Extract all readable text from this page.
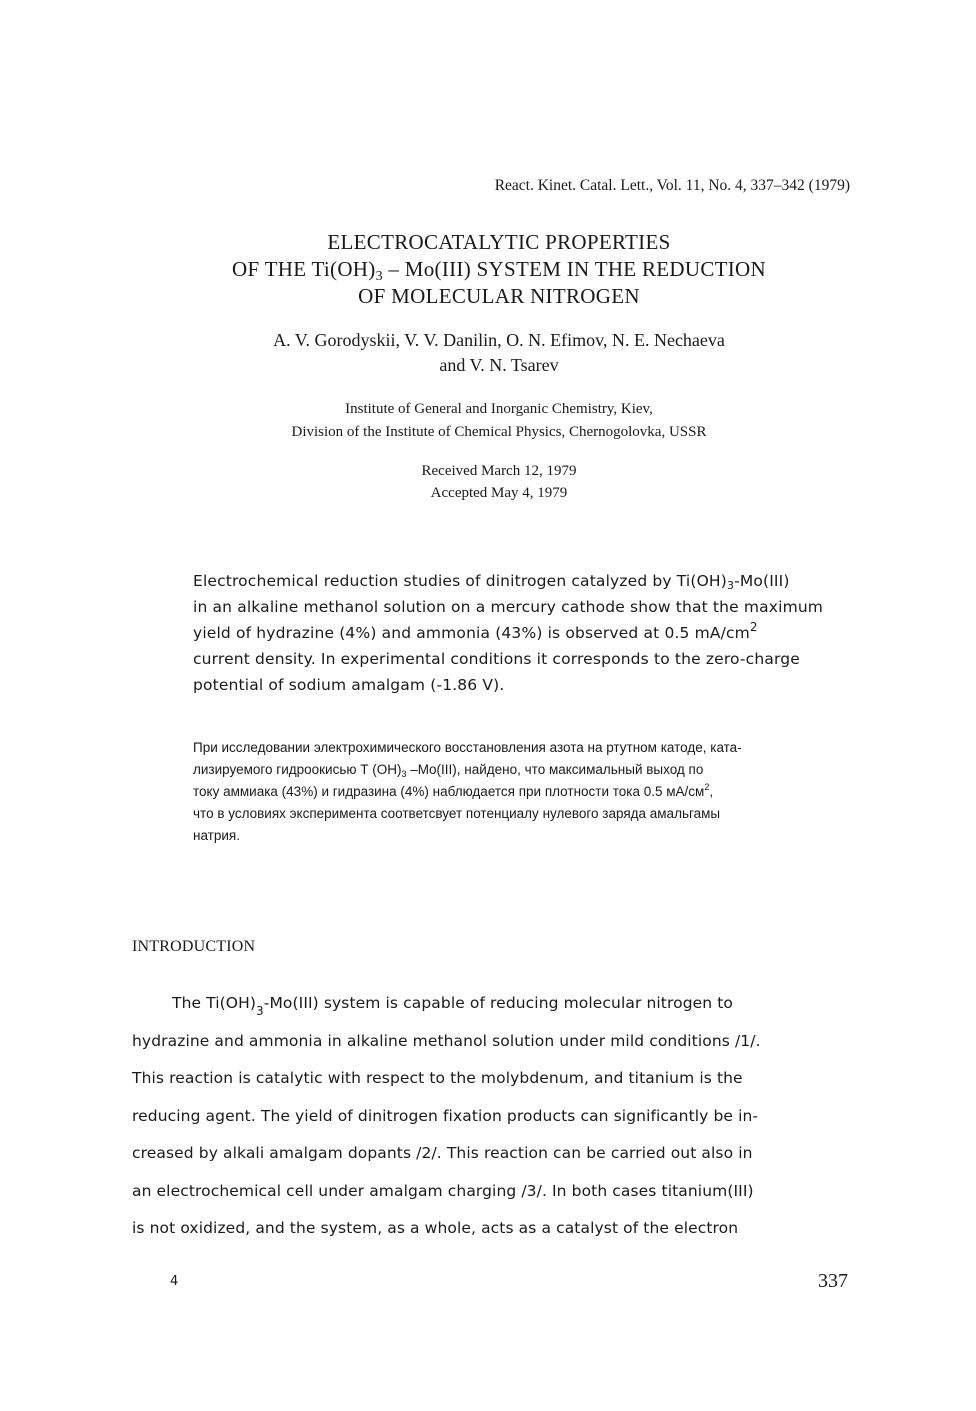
React. Kinet. Catal. Lett., Vol. 11, No. 4, 337–342 (1979)
ELECTROCATALYTIC PROPERTIES
OF THE $Ti(OH)_3 - Mo(III)$ SYSTEM IN THE REDUCTION
OF MOLECULAR NITROGEN
A. V. Gorodyskii, V. V. Danilin, O. N. Efimov, N. E. Nechaeva
and V. N. Tsarev
Institute of General and Inorganic Chemistry, Kiev,
Division of the Institute of Chemical Physics, Chernogolovka, USSR
Received March 12, 1979
Accepted May 4, 1979
Electrochemical reduction studies of dinitrogen catalyzed by $Ti(OH)_3-Mo(III)$
in an alkaline methanol solution on a mercury cathode show that the maximum
yield of hydrazine (4%) and ammonia (43%) is observed at 0.5 $mA/cm^2$
current density. In experimental conditions it corresponds to the zero-charge
potential of sodium amalgam (-1.86 V).
При исследовании электрохимического восстановления азота на ртутном катоде, ката-
лизируемого гидроокисью Т $(OH)_3$ –Mo(III), найдено, что максимальный выход по
току аммиака (43%) и гидразина (4%) наблюдается при плотности тока 0.5 $мА/см^2$,
что в условиях эксперимента соответсвует потенциалу нулевого заряда амальгамы
натрия.
INTRODUCTION
The $Ti(OH)_3-Mo(III)$ system is capable of reducing molecular nitrogen to
hydrazine and ammonia in alkaline methanol solution under mild conditions /1/.
This reaction is catalytic with respect to the molybdenum, and titanium is the
reducing agent. The yield of dinitrogen fixation products can significantly be in-
creased by alkali amalgam dopants /2/. This reaction can be carried out also in
an electrochemical cell under amalgam charging /3/. In both cases titanium(III)
is not oxidized, and the system, as a whole, acts as a catalyst of the electron
4	337
